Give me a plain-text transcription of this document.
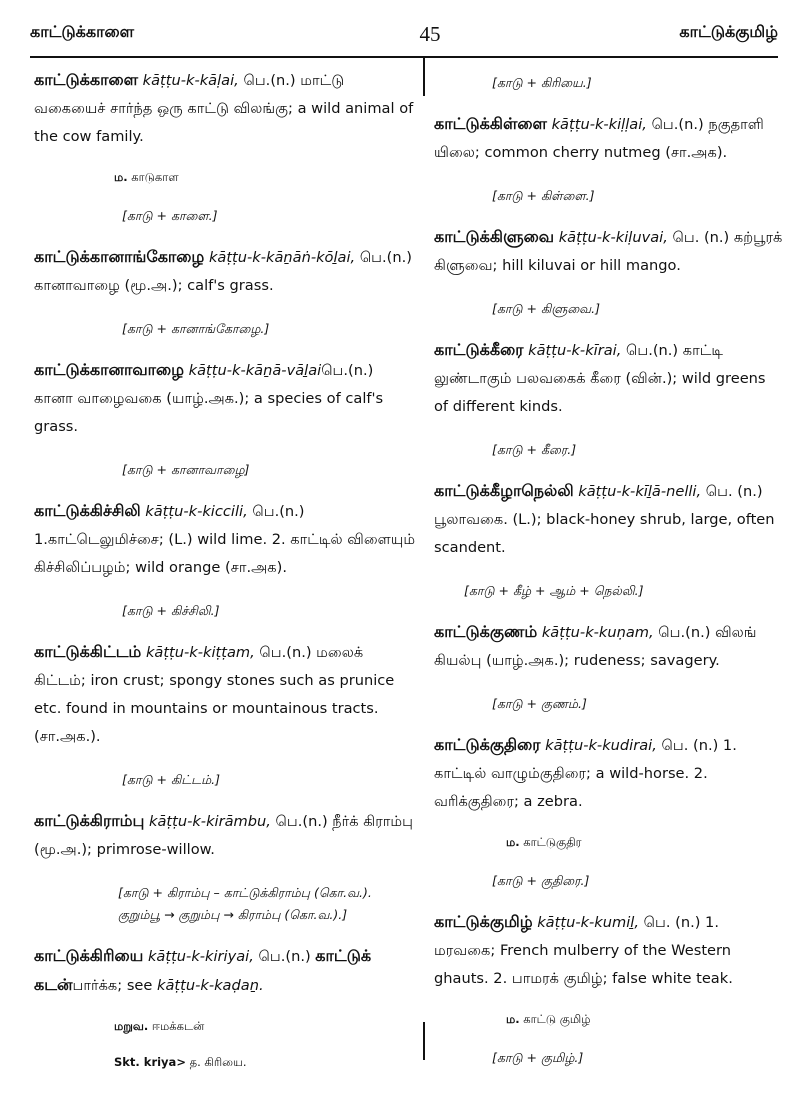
காட்டுக்காளை	45	காட்டுக்குமிழ்

காட்டுக்காளை kāṭṭu-k-kāḷai, பெ.(n.) மாட்டு வகையைச் சார்ந்த ஒரு காட்டு விலங்கு; a wild animal of the cow family.

ம. காடுகாள

[காடு + காளை.]

காட்டுக்கானாங்கோழை kāṭṭu-k-kāṉāṅ-kōḻai, பெ.(n.) கானாவாழை (மூ.அ.); calf's grass.

[காடு + கானாங்கோழை.]

காட்டுக்கானாவாழை kāṭṭu-k-kāṉā-vāḻaiபெ.(n.) கானா வாழைவகை (யாழ்.அக.); a species of calf's grass.

[காடு + கானாவாழை]

காட்டுக்கிச்சிலி kāṭṭu-k-kiccili, பெ.(n.) 1.காட்டெலுமிச்சை; (L.) wild lime. 2. காட்டில் விளையும் கிச்சிலிப்பழம்; wild orange (சா.அக).

[காடு + கிச்சிலி.]

காட்டுக்கிட்டம் kāṭṭu-k-kiṭṭam, பெ.(n.) மலைக் கிட்டம்; iron crust; spongy stones such as prunice etc. found in mountains or mountainous tracts. (சா.அக.).

[காடு + கிட்டம்.]

காட்டுக்கிராம்பு kāṭṭu-k-kirāmbu, பெ.(n.) நீர்க் கிராம்பு (மூ.அ.); primrose-willow.

[காடு + கிராம்பு – காட்டுக்கிராம்பு (கொ.வ.). குறும்பூ → குறும்பு → கிராம்பு (கொ.வ.).]

காட்டுக்கிரியை kāṭṭu-k-kiriyai, பெ.(n.) காட்டுக் கடன்பார்க்க; see kāṭṭu-k-kaḍaṉ.

மறுவ. ஈமக்கடன்

Skt. kriya> த. கிரியை.

[காடு + கிரியை.]

காட்டுக்கிள்ளை kāṭṭu-k-kiḷḷai, பெ.(n.) நகுதாளி யிலை; common cherry nutmeg (சா.அக).

[காடு + கிள்ளை.]

காட்டுக்கிளுவை kāṭṭu-k-kiḷuvai, பெ. (n.) கற்பூரக் கிளுவை; hill kiluvai or hill mango.

[காடு + கிளுவை.]

காட்டுக்கீரை kāṭṭu-k-kīrai, பெ.(n.) காட்டி லுண்டாகும் பலவகைக் கீரை (வின்.); wild greens of different kinds.

[காடு + கீரை.]

காட்டுக்கீழாநெல்லி kāṭṭu-k-kīḻā-nelli, பெ. (n.) பூலாவகை. (L.); black-honey shrub, large, often scandent.

[காடு + கீழ் + ஆம் + நெல்லி.]

காட்டுக்குணம் kāṭṭu-k-kuṇam, பெ.(n.) விலங் கியல்பு (யாழ்.அக.); rudeness; savagery.

[காடு + குணம்.]

காட்டுக்குதிரை kāṭṭu-k-kudirai, பெ. (n.) 1. காட்டில் வாழும்குதிரை; a wild-horse. 2. வரிக்குதிரை; a zebra.

ம. காட்டுகுதிர

[காடு + குதிரை.]

காட்டுக்குமிழ் kāṭṭu-k-kumiḻ, பெ. (n.) 1. மரவகை; French mulberry of the Western ghauts. 2. பாமரக் குமிழ்; false white teak.

ம. காட்டு குமிழ்

[காடு + குமிழ்.]
